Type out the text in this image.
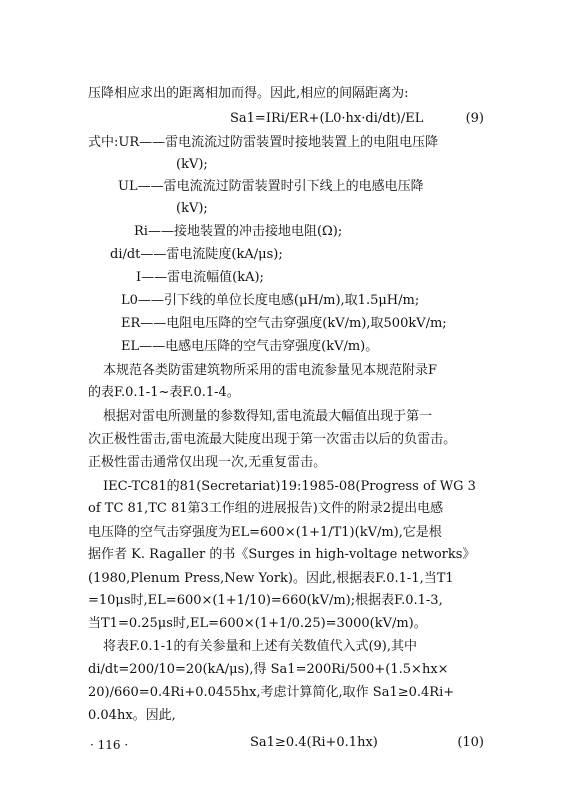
压降相应求出的距离相加而得。因此,相应的间隔距离为:
Sa1=IRi/ER+(L0·hx·di/dt)/EL	(9)
式中:UR——雷电流流过防雷装置时接地装置上的电阻电压降
(kV);
UL——雷电流流过防雷装置时引下线上的电感电压降
(kV);
Ri——接地装置的冲击接地电阻(Ω);
di/dt——雷电流陡度(kA/μs);
I——雷电流幅值(kA);
L0——引下线的单位长度电感(μH/m),取1.5μH/m;
ER——电阻电压降的空气击穿强度(kV/m),取500kV/m;
EL——电感电压降的空气击穿强度(kV/m)。
本规范各类防雷建筑物所采用的雷电流参量见本规范附录F
的表F.0.1-1~表F.0.1-4。
根据对雷电所测量的参数得知,雷电流最大幅值出现于第一
次正极性雷击,雷电流最大陡度出现于第一次雷击以后的负雷击。
正极性雷击通常仅出现一次,无重复雷击。
IEC-TC81的81(Secretariat)19:1985-08(Progress of WG 3
of TC 81,TC 81第3工作组的进展报告)文件的附录2提出电感
电压降的空气击穿强度为EL=600×(1+1/T1)(kV/m),它是根
据作者 K. Ragaller 的书《Surges in high-voltage networks》
(1980,Plenum Press,New York)。因此,根据表F.0.1-1,当T1
=10μs时,EL=600×(1+1/10)=660(kV/m);根据表F.0.1-3,
当T1=0.25μs时,EL=600×(1+1/0.25)=3000(kV/m)。
将表F.0.1-1的有关参量和上述有关数值代入式(9),其中
di/dt=200/10=20(kA/μs),得 Sa1=200Ri/500+(1.5×hx×
20)/660=0.4Ri+0.0455hx,考虑计算简化,取作 Sa1≥0.4Ri+
0.04hx。因此,
Sa1≥0.4(Ri+0.1hx)	(10)
· 116 ·
